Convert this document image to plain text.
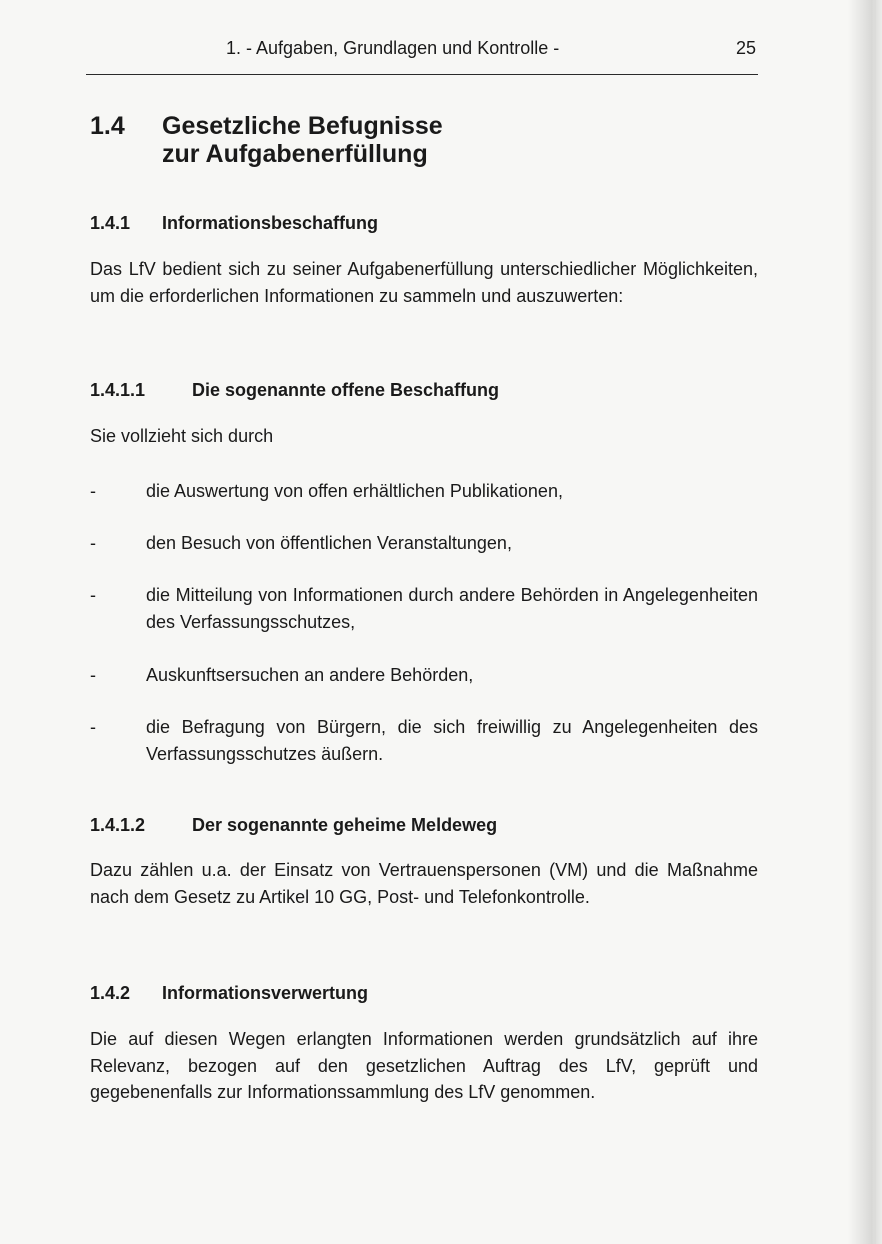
1. - Aufgaben, Grundlagen und Kontrolle -	25
1.4 Gesetzliche Befugnisse
zur Aufgabenerfüllung
1.4.1 Informationsbeschaffung
Das LfV bedient sich zu seiner Aufgabenerfüllung unterschiedlicher Möglichkeiten, um die erforderlichen Informationen zu sammeln und auszuwerten:
1.4.1.1	Die sogenannte offene Beschaffung
Sie vollzieht sich durch
-	die Auswertung von offen erhältlichen Publikationen,
-	den Besuch von öffentlichen Veranstaltungen,
-	die Mitteilung von Informationen durch andere Behörden in Angelegenheiten des Verfassungsschutzes,
-	Auskunftsersuchen an andere Behörden,
-	die Befragung von Bürgern, die sich freiwillig zu Angelegenheiten des Verfassungsschutzes äußern.
1.4.1.2	Der sogenannte geheime Meldeweg
Dazu zählen u.a. der Einsatz von Vertrauenspersonen (VM) und die Maßnahme nach dem Gesetz zu Artikel 10 GG, Post- und Telefonkontrolle.
1.4.2 Informationsverwertung
Die auf diesen Wegen erlangten Informationen werden grundsätzlich auf ihre Relevanz, bezogen auf den gesetzlichen Auftrag des LfV, geprüft und gegebenenfalls zur Informationssammlung des LfV genommen.
